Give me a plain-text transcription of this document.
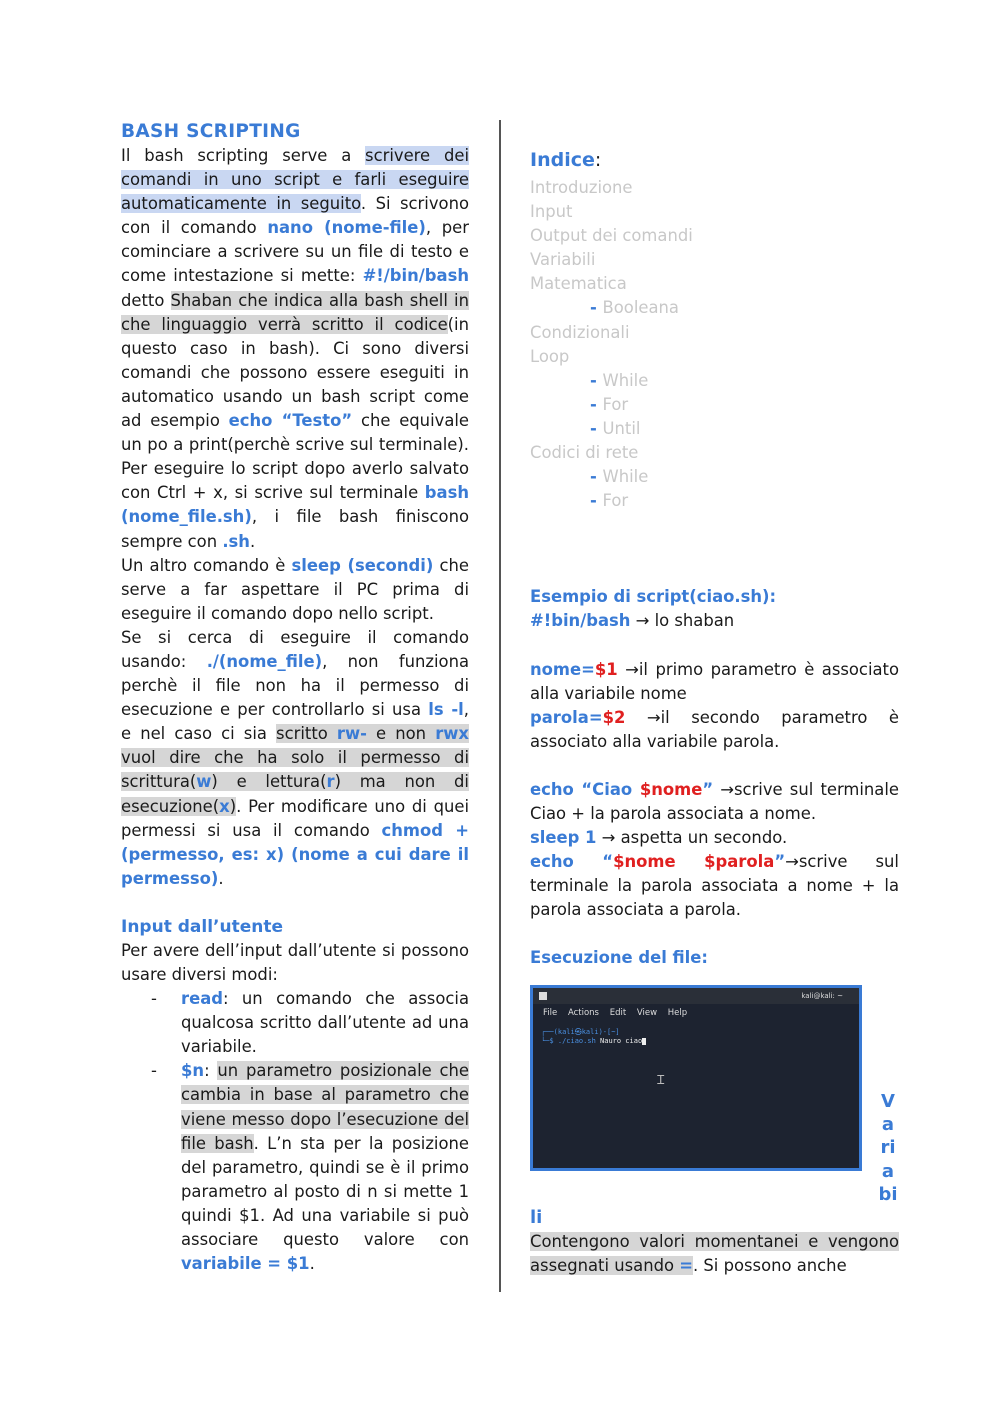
BASH SCRIPTING

Il bash scripting serve a scrivere dei comandi in uno script e farli eseguire automaticamente in seguito. Si scrivono con il comando nano (nome-file), per cominciare a scrivere su un file di testo e come intestazione si mette: #!/bin/bash detto Shaban che indica alla bash shell in che linguaggio verrà scritto il codice(in questo caso in bash). Ci sono diversi comandi che possono essere eseguiti in automatico usando un bash script come ad esempio echo “Testo” che equivale un po a print(perchè scrive sul terminale). Per eseguire lo script dopo averlo salvato con Ctrl + x, si scrive sul terminale bash (nome_file.sh), i file bash finiscono sempre con .sh.

Un altro comando è sleep (secondi) che serve a far aspettare il PC prima di eseguire il comando dopo nello script.

Se si cerca di eseguire il comando usando: ./(nome_file), non funziona perchè il file non ha il permesso di esecuzione e per controllarlo si usa ls -l, e nel caso ci sia scritto rw- e non rwx vuol dire che ha solo il permesso di scrittura(w) e lettura(r) ma non di esecuzione(x). Per modificare uno di quei permessi si usa il comando chmod +(permesso, es: x) (nome a cui dare il permesso).

Input dall’utente

Per avere dell’input dall’utente si possono usare diversi modi:

-	read: un comando che associa qualcosa scritto dall’utente ad una variabile.
-	$n: un parametro posizionale che cambia in base al parametro che viene messo dopo l’esecuzione del file bash. L’n sta per la posizione del parametro, quindi se è il primo parametro al posto di n si mette 1 quindi $1. Ad una variabile si può associare questo valore con variabile = $1.

Indice:

Introduzione

Input

Output dei comandi

Variabili

Matematica

- Booleana

Condizionali

Loop

- While

- For

- Until

Codici di rete

- While

- For

Esempio di script(ciao.sh):

#!bin/bash → lo shaban

nome=$1 →il primo parametro è associato alla variabile nome

parola=$2 →il secondo parametro è associato alla variabile parola.

echo “Ciao $nome” →scrive sul terminale Ciao + la parola associata a nome.

sleep 1 → aspetta un secondo.

echo “$nome $parola”→scrive sul terminale la parola associata a nome + la parola associata a parola.

Esecuzione del file:

kali@kali: ~
File Actions Edit View Help
┌──(kali㉿kali)-[~]
└─$ ./ciao.sh Nauro ciao
Ꮖ
V
a
ri
a
bi
li

Contengono valori momentanei e vengono assegnati usando =. Si possono anche
